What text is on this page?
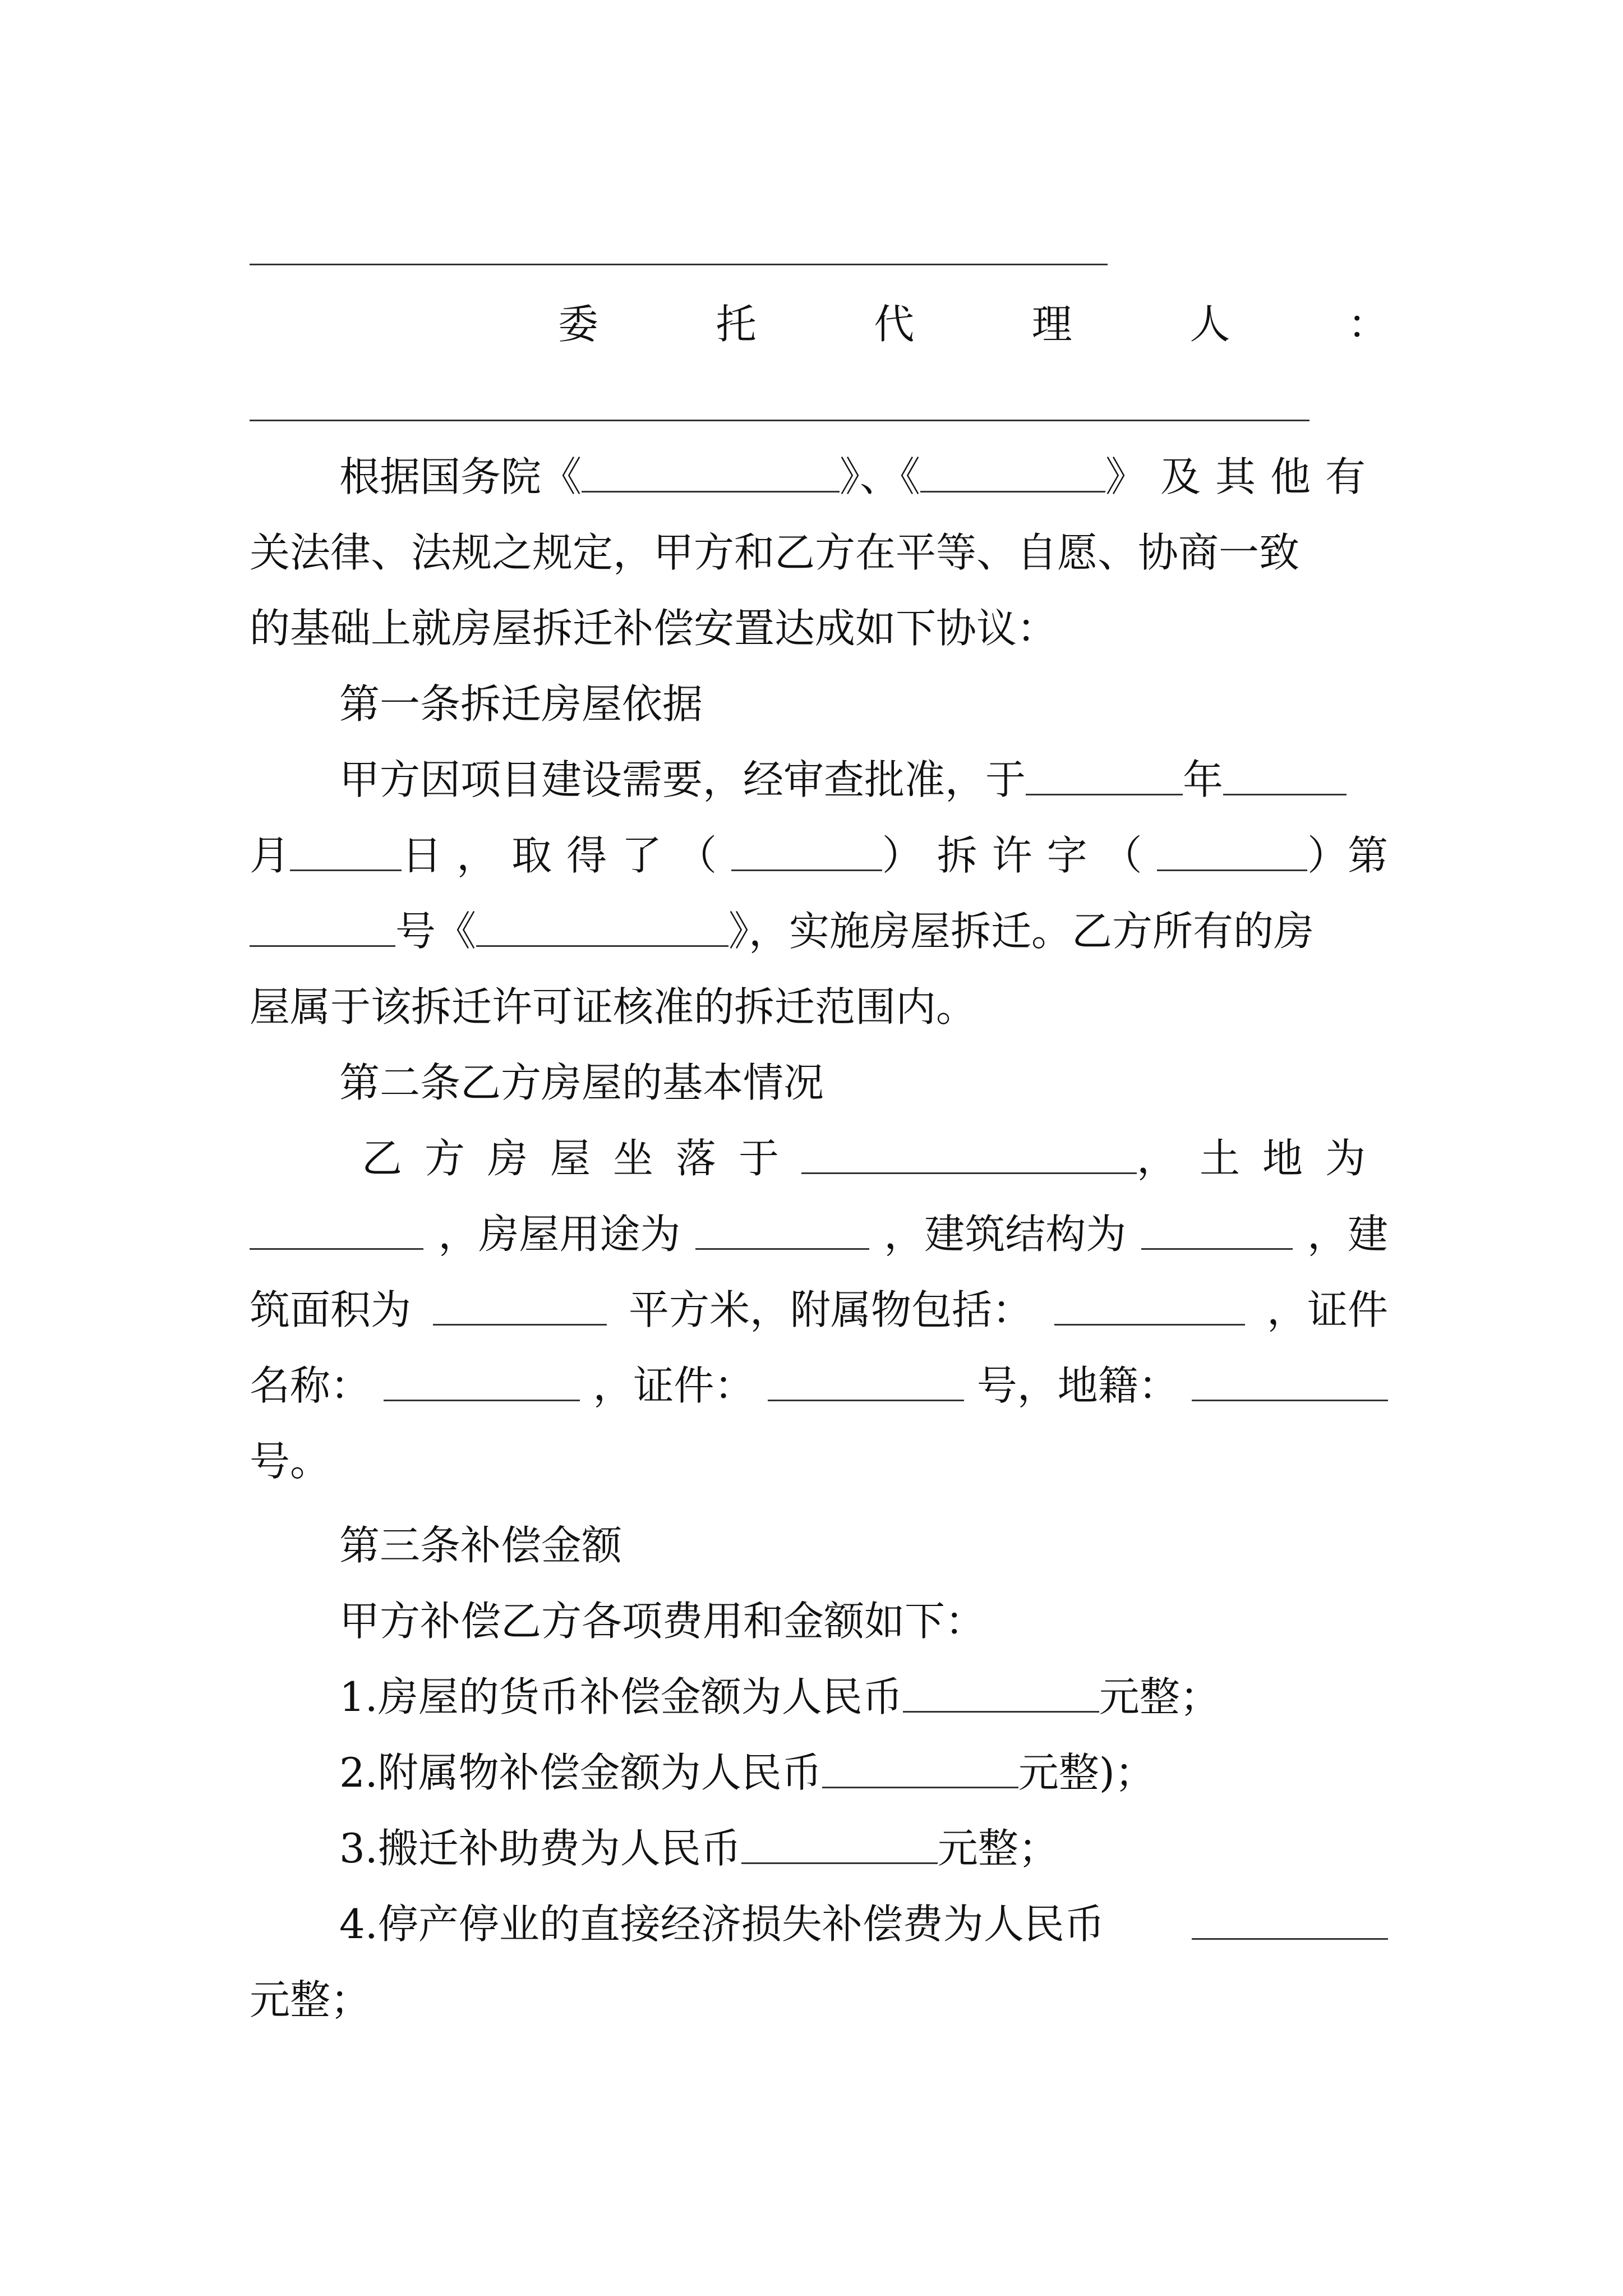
委	托	代	理	人	：
根据国务院《	》、《	》及其他有
关法律、法规之规定，甲方和乙方在平等、自愿、协商一致
的基础上就房屋拆迁补偿安置达成如下协议：
第一条拆迁房屋依据
甲方因项目建设需要，经审查批准，于	年
月	日，取得了（	）拆许字（	）第
号《	》，实施房屋拆迁。乙方所有的房
屋属于该拆迁许可证核准的拆迁范围内。
第二条乙方房屋的基本情况
乙方房屋坐落于	，土地为
，房屋用途为	，建筑结构为	，建
筑面积为	平方米，附属物包括：	，证件
名称：	，证件：	号，地籍：
号。
第三条补偿金额
甲方补偿乙方各项费用和金额如下：
1.房屋的货币补偿金额为人民币	元整；
2.附属物补偿金额为人民币	元整)；
3.搬迁补助费为人民币	元整；
4.停产停业的直接经济损失补偿费为人民币
元整；
